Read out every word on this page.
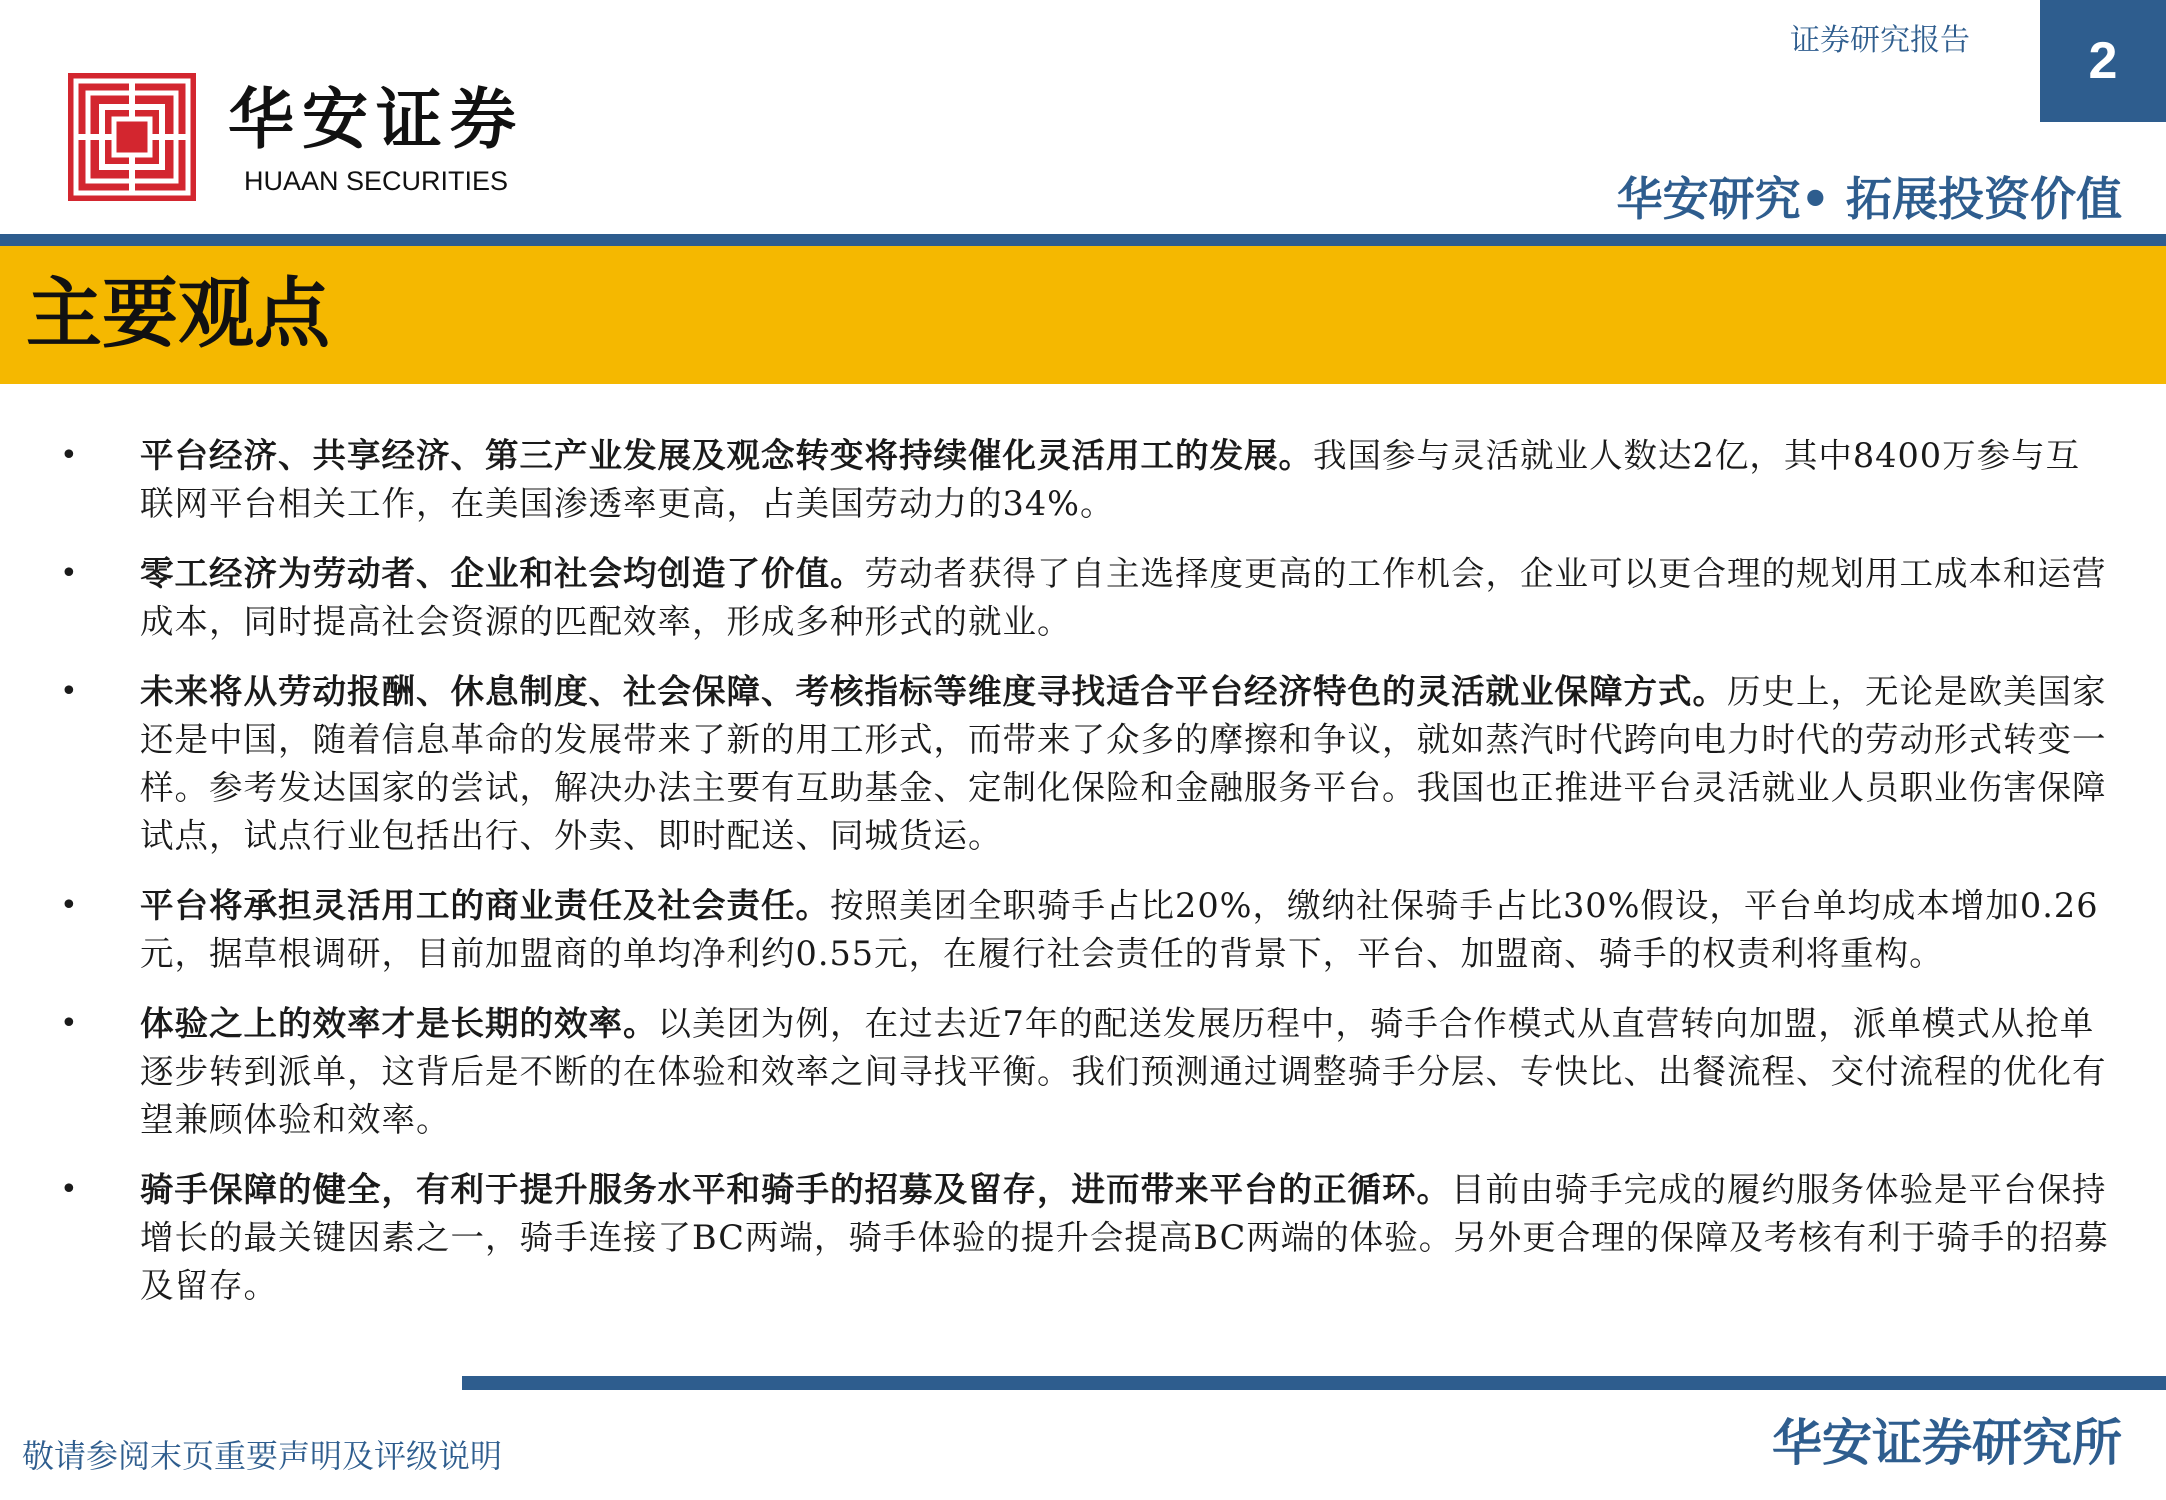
华安证券
HUAAN SECURITIES
证券研究报告	2
华安研究• 拓展投资价值
主要观点
• 平台经济、共享经济、第三产业发展及观念转变将持续催化灵活用工的发展。我国参与灵活就业人数达2亿，其中8400万参与互联网平台相关工作，在美国渗透率更高，占美国劳动力的34%。
• 零工经济为劳动者、企业和社会均创造了价值。劳动者获得了自主选择度更高的工作机会，企业可以更合理的规划用工成本和运营成本，同时提高社会资源的匹配效率，形成多种形式的就业。
• 未来将从劳动报酬、休息制度、社会保障、考核指标等维度寻找适合平台经济特色的灵活就业保障方式。历史上，无论是欧美国家还是中国，随着信息革命的发展带来了新的用工形式，而带来了众多的摩擦和争议，就如蒸汽时代跨向电力时代的劳动形式转变一样。参考发达国家的尝试，解决办法主要有互助基金、定制化保险和金融服务平台。我国也正推进平台灵活就业人员职业伤害保障试点，试点行业包括出行、外卖、即时配送、同城货运。
• 平台将承担灵活用工的商业责任及社会责任。按照美团全职骑手占比20%，缴纳社保骑手占比30%假设，平台单均成本增加0.26元，据草根调研，目前加盟商的单均净利约0.55元，在履行社会责任的背景下，平台、加盟商、骑手的权责利将重构。
• 体验之上的效率才是长期的效率。以美团为例，在过去近7年的配送发展历程中，骑手合作模式从直营转向加盟，派单模式从抢单逐步转到派单，这背后是不断的在体验和效率之间寻找平衡。我们预测通过调整骑手分层、专快比、出餐流程、交付流程的优化有望兼顾体验和效率。
• 骑手保障的健全，有利于提升服务水平和骑手的招募及留存，进而带来平台的正循环。目前由骑手完成的履约服务体验是平台保持增长的最关键因素之一，骑手连接了BC两端，骑手体验的提升会提高BC两端的体验。另外更合理的保障及考核有利于骑手的招募及留存。
敬请参阅末页重要声明及评级说明	华安证券研究所
